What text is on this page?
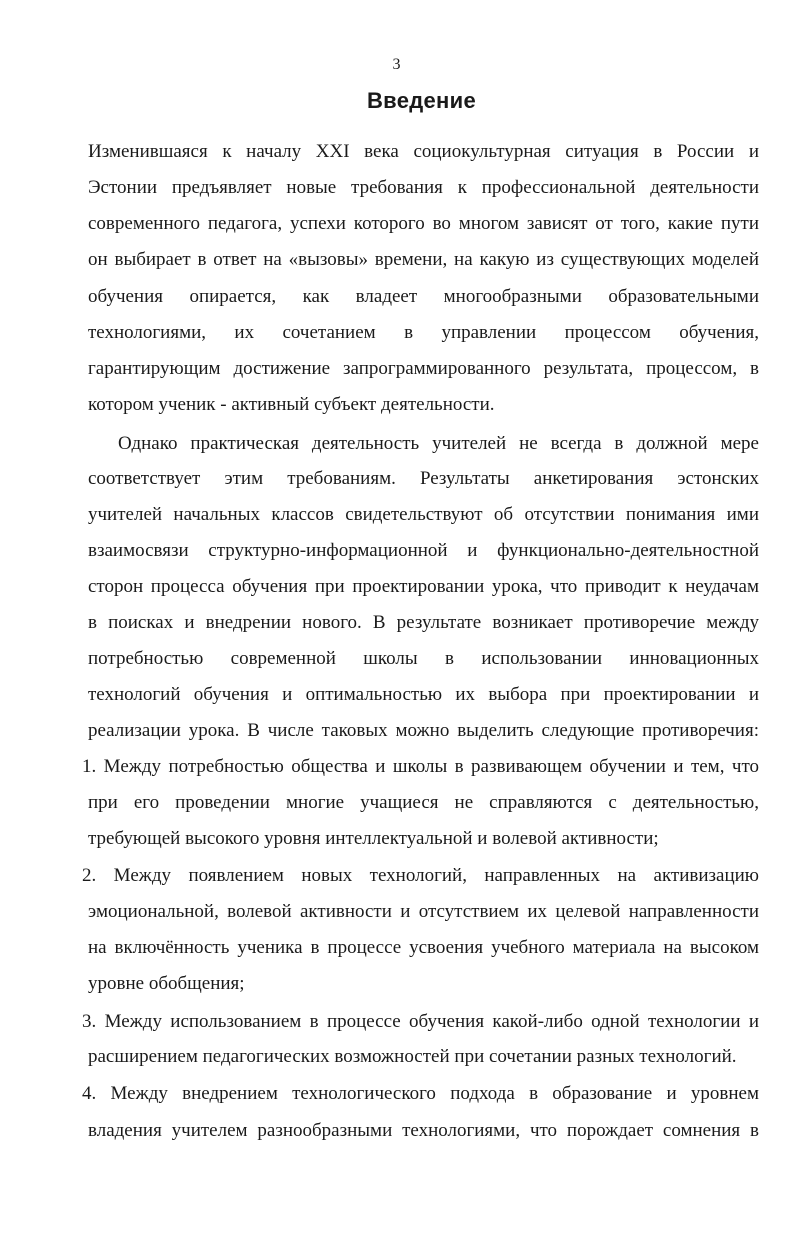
3
Введение
Изменившаяся к началу XXI века социокультурная ситуация в России и
Эстонии предъявляет новые требования к профессиональной деятельности
современного педагога, успехи которого во многом зависят от того, какие пути
он выбирает в ответ на «вызовы» времени, на какую из существующих моделей
обучения опирается, как владеет многообразными образовательными
технологиями, их сочетанием в управлении процессом обучения,
гарантирующим достижение запрограммированного результата, процессом, в
котором ученик - активный субъект деятельности.
Однако практическая деятельность учителей не всегда в должной мере
соответствует этим требованиям. Результаты анкетирования эстонских
учителей начальных классов свидетельствуют об отсутствии понимания ими
взаимосвязи структурно-информационной и функционально-деятельностной
сторон процесса обучения при проектировании урока, что приводит к неудачам
в поисках и внедрении нового. В результате возникает противоречие между
потребностью современной школы в использовании инновационных
технологий обучения и оптимальностью их выбора при проектировании и
реализации урока. В числе таковых можно выделить следующие противоречия:
1. Между потребностью общества и школы в развивающем обучении и тем, что
при его проведении многие учащиеся не справляются с деятельностью,
требующей высокого уровня интеллектуальной и волевой активности;
2. Между появлением новых технологий, направленных на активизацию
эмоциональной, волевой активности и отсутствием их целевой направленности
на включённость ученика в процессе усвоения учебного материала на высоком
уровне обобщения;
3. Между использованием в процессе обучения какой-либо одной технологии и
расширением педагогических возможностей при сочетании разных технологий.
4. Между внедрением технологического подхода в образование и уровнем
владения учителем разнообразными технологиями, что порождает сомнения в
